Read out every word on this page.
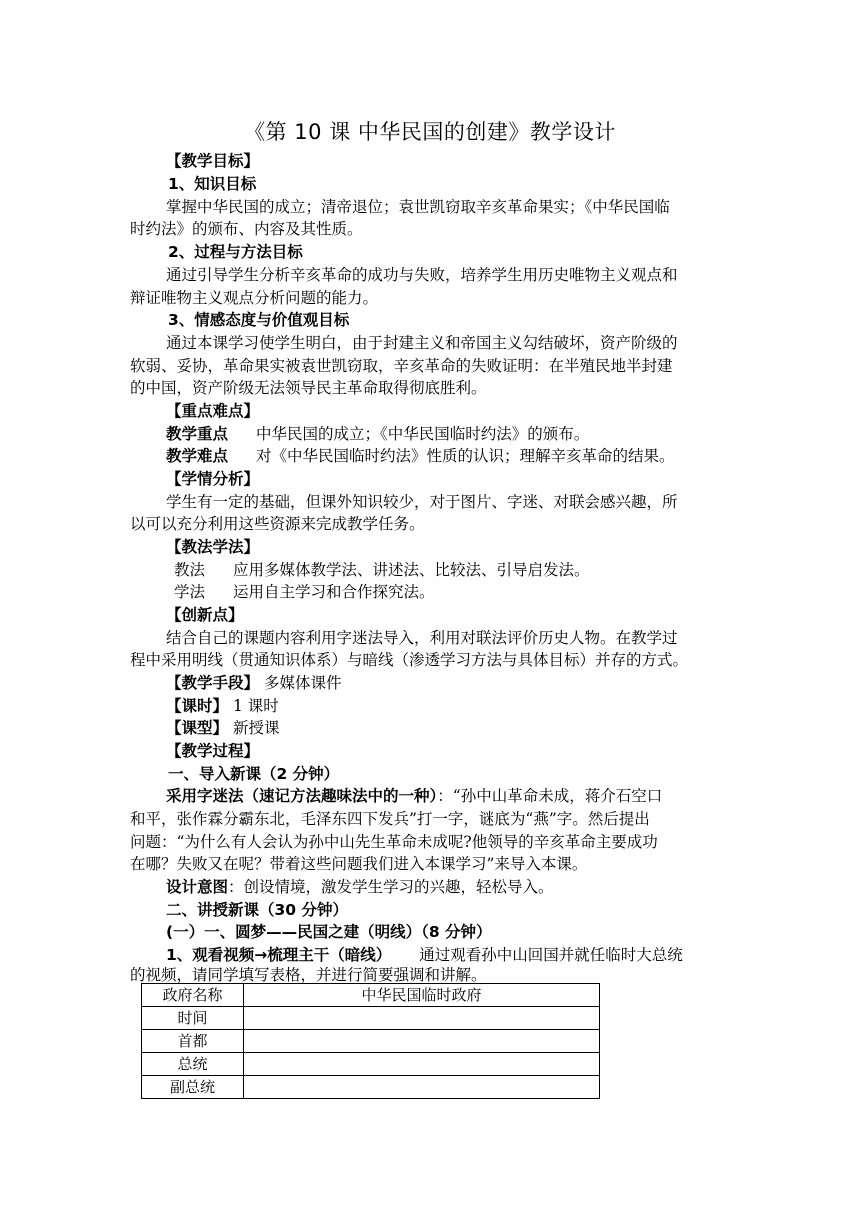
《第 10 课 中华民国的创建》教学设计
【教学目标】
1、知识目标
掌握中华民国的成立；清帝退位；袁世凯窃取辛亥革命果实；《中华民国临
时约法》的颁布、内容及其性质。
2、过程与方法目标
通过引导学生分析辛亥革命的成功与失败，培养学生用历史唯物主义观点和
辩证唯物主义观点分析问题的能力。
3、情感态度与价值观目标
通过本课学习使学生明白，由于封建主义和帝国主义勾结破坏，资产阶级的
软弱、妥协，革命果实被袁世凯窃取，辛亥革命的失败证明：在半殖民地半封建
的中国，资产阶级无法领导民主革命取得彻底胜利。
【重点难点】
教学重点 中华民国的成立；《中华民国临时约法》的颁布。
教学难点 对《中华民国临时约法》性质的认识；理解辛亥革命的结果。
【学情分析】
学生有一定的基础，但课外知识较少，对于图片、字迷、对联会感兴趣，所
以可以充分利用这些资源来完成教学任务。
【教法学法】
教法 应用多媒体教学法、讲述法、比较法、引导启发法。
学法 运用自主学习和合作探究法。
【创新点】
结合自己的课题内容利用字迷法导入，利用对联法评价历史人物。在教学过
程中采用明线（贯通知识体系）与暗线（渗透学习方法与具体目标）并存的方式。
【教学手段】 多媒体课件
【课时】 1 课时
【课型】 新授课
【教学过程】
一、导入新课（2 分钟）
采用字迷法（速记方法趣味法中的一种）：“孙中山革命未成，蒋介石空口
和平，张作霖分霸东北，毛泽东四下发兵”打一字，谜底为“燕”字。然后提出
问题：“为什么有人会认为孙中山先生革命未成呢?他领导的辛亥革命主要成功
在哪？失败又在呢？带着这些问题我们进入本课学习”来导入本课。
设计意图：创设情境，激发学生学习的兴趣，轻松导入。
二、讲授新课（30 分钟）
(一）一、圆梦——民国之建（明线）（8 分钟）
1、观看视频→梳理主干（暗线） 通过观看孙中山回国并就任临时大总统
的视频，请同学填写表格，并进行简要强调和讲解。
政府名称	中华民国临时政府
时间	
首都	
总统	
副总统	
